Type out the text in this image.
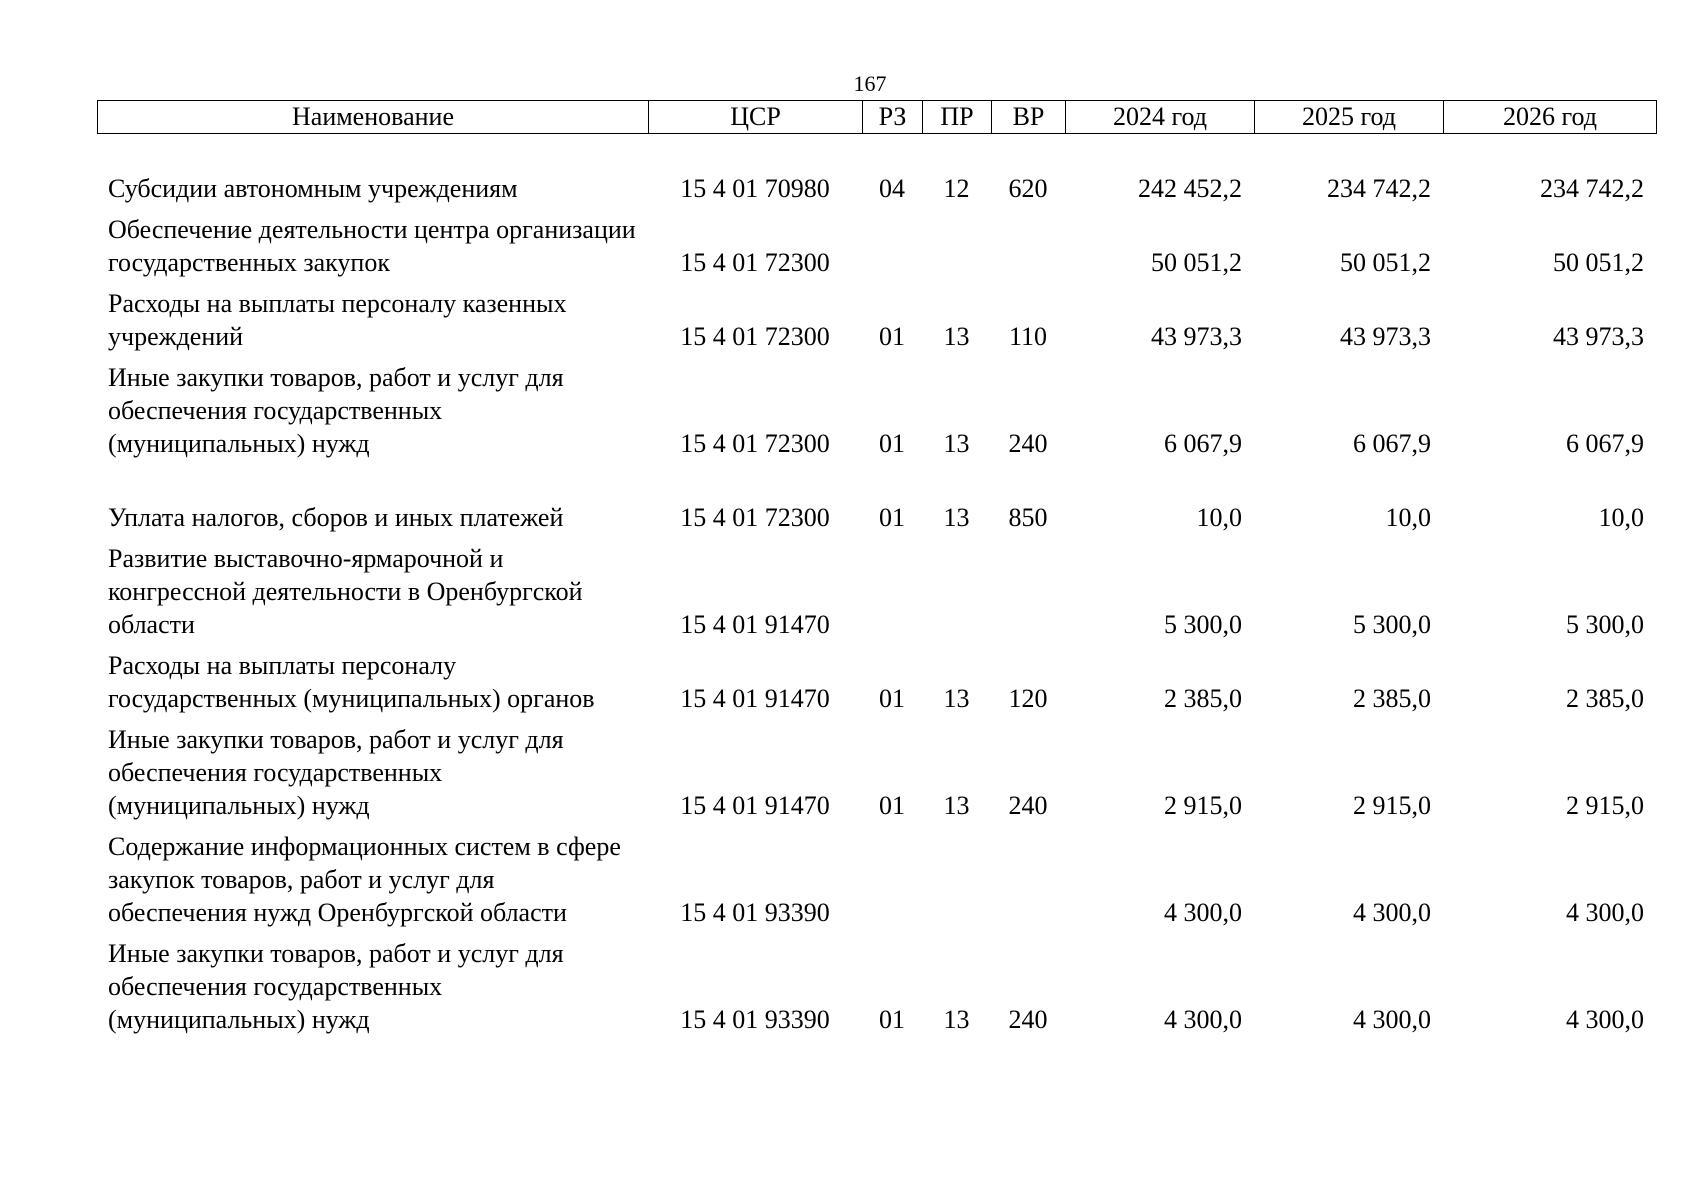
167
Наименование	ЦСР	РЗ	ПР	ВР	2024 год	2025 год	2026 год
Субсидии автономным учреждениям	15 4 01 70980	04	12	620	242 452,2	234 742,2	234 742,2
Обеспечение деятельности центра организации государственных закупок	15 4 01 72300				50 051,2	50 051,2	50 051,2
Расходы на выплаты персоналу казенных учреждений	15 4 01 72300	01	13	110	43 973,3	43 973,3	43 973,3
Иные закупки товаров, работ и услуг для обеспечения государственных (муниципальных) нужд	15 4 01 72300	01	13	240	6 067,9	6 067,9	6 067,9
Уплата налогов, сборов и иных платежей	15 4 01 72300	01	13	850	10,0	10,0	10,0
Развитие выставочно-ярмарочной и конгрессной деятельности в Оренбургской области	15 4 01 91470				5 300,0	5 300,0	5 300,0
Расходы на выплаты персоналу государственных (муниципальных) органов	15 4 01 91470	01	13	120	2 385,0	2 385,0	2 385,0
Иные закупки товаров, работ и услуг для обеспечения государственных (муниципальных) нужд	15 4 01 91470	01	13	240	2 915,0	2 915,0	2 915,0
Содержание информационных систем в сфере закупок товаров, работ и услуг для обеспечения нужд Оренбургской области	15 4 01 93390				4 300,0	4 300,0	4 300,0
Иные закупки товаров, работ и услуг для обеспечения государственных (муниципальных) нужд	15 4 01 93390	01	13	240	4 300,0	4 300,0	4 300,0
